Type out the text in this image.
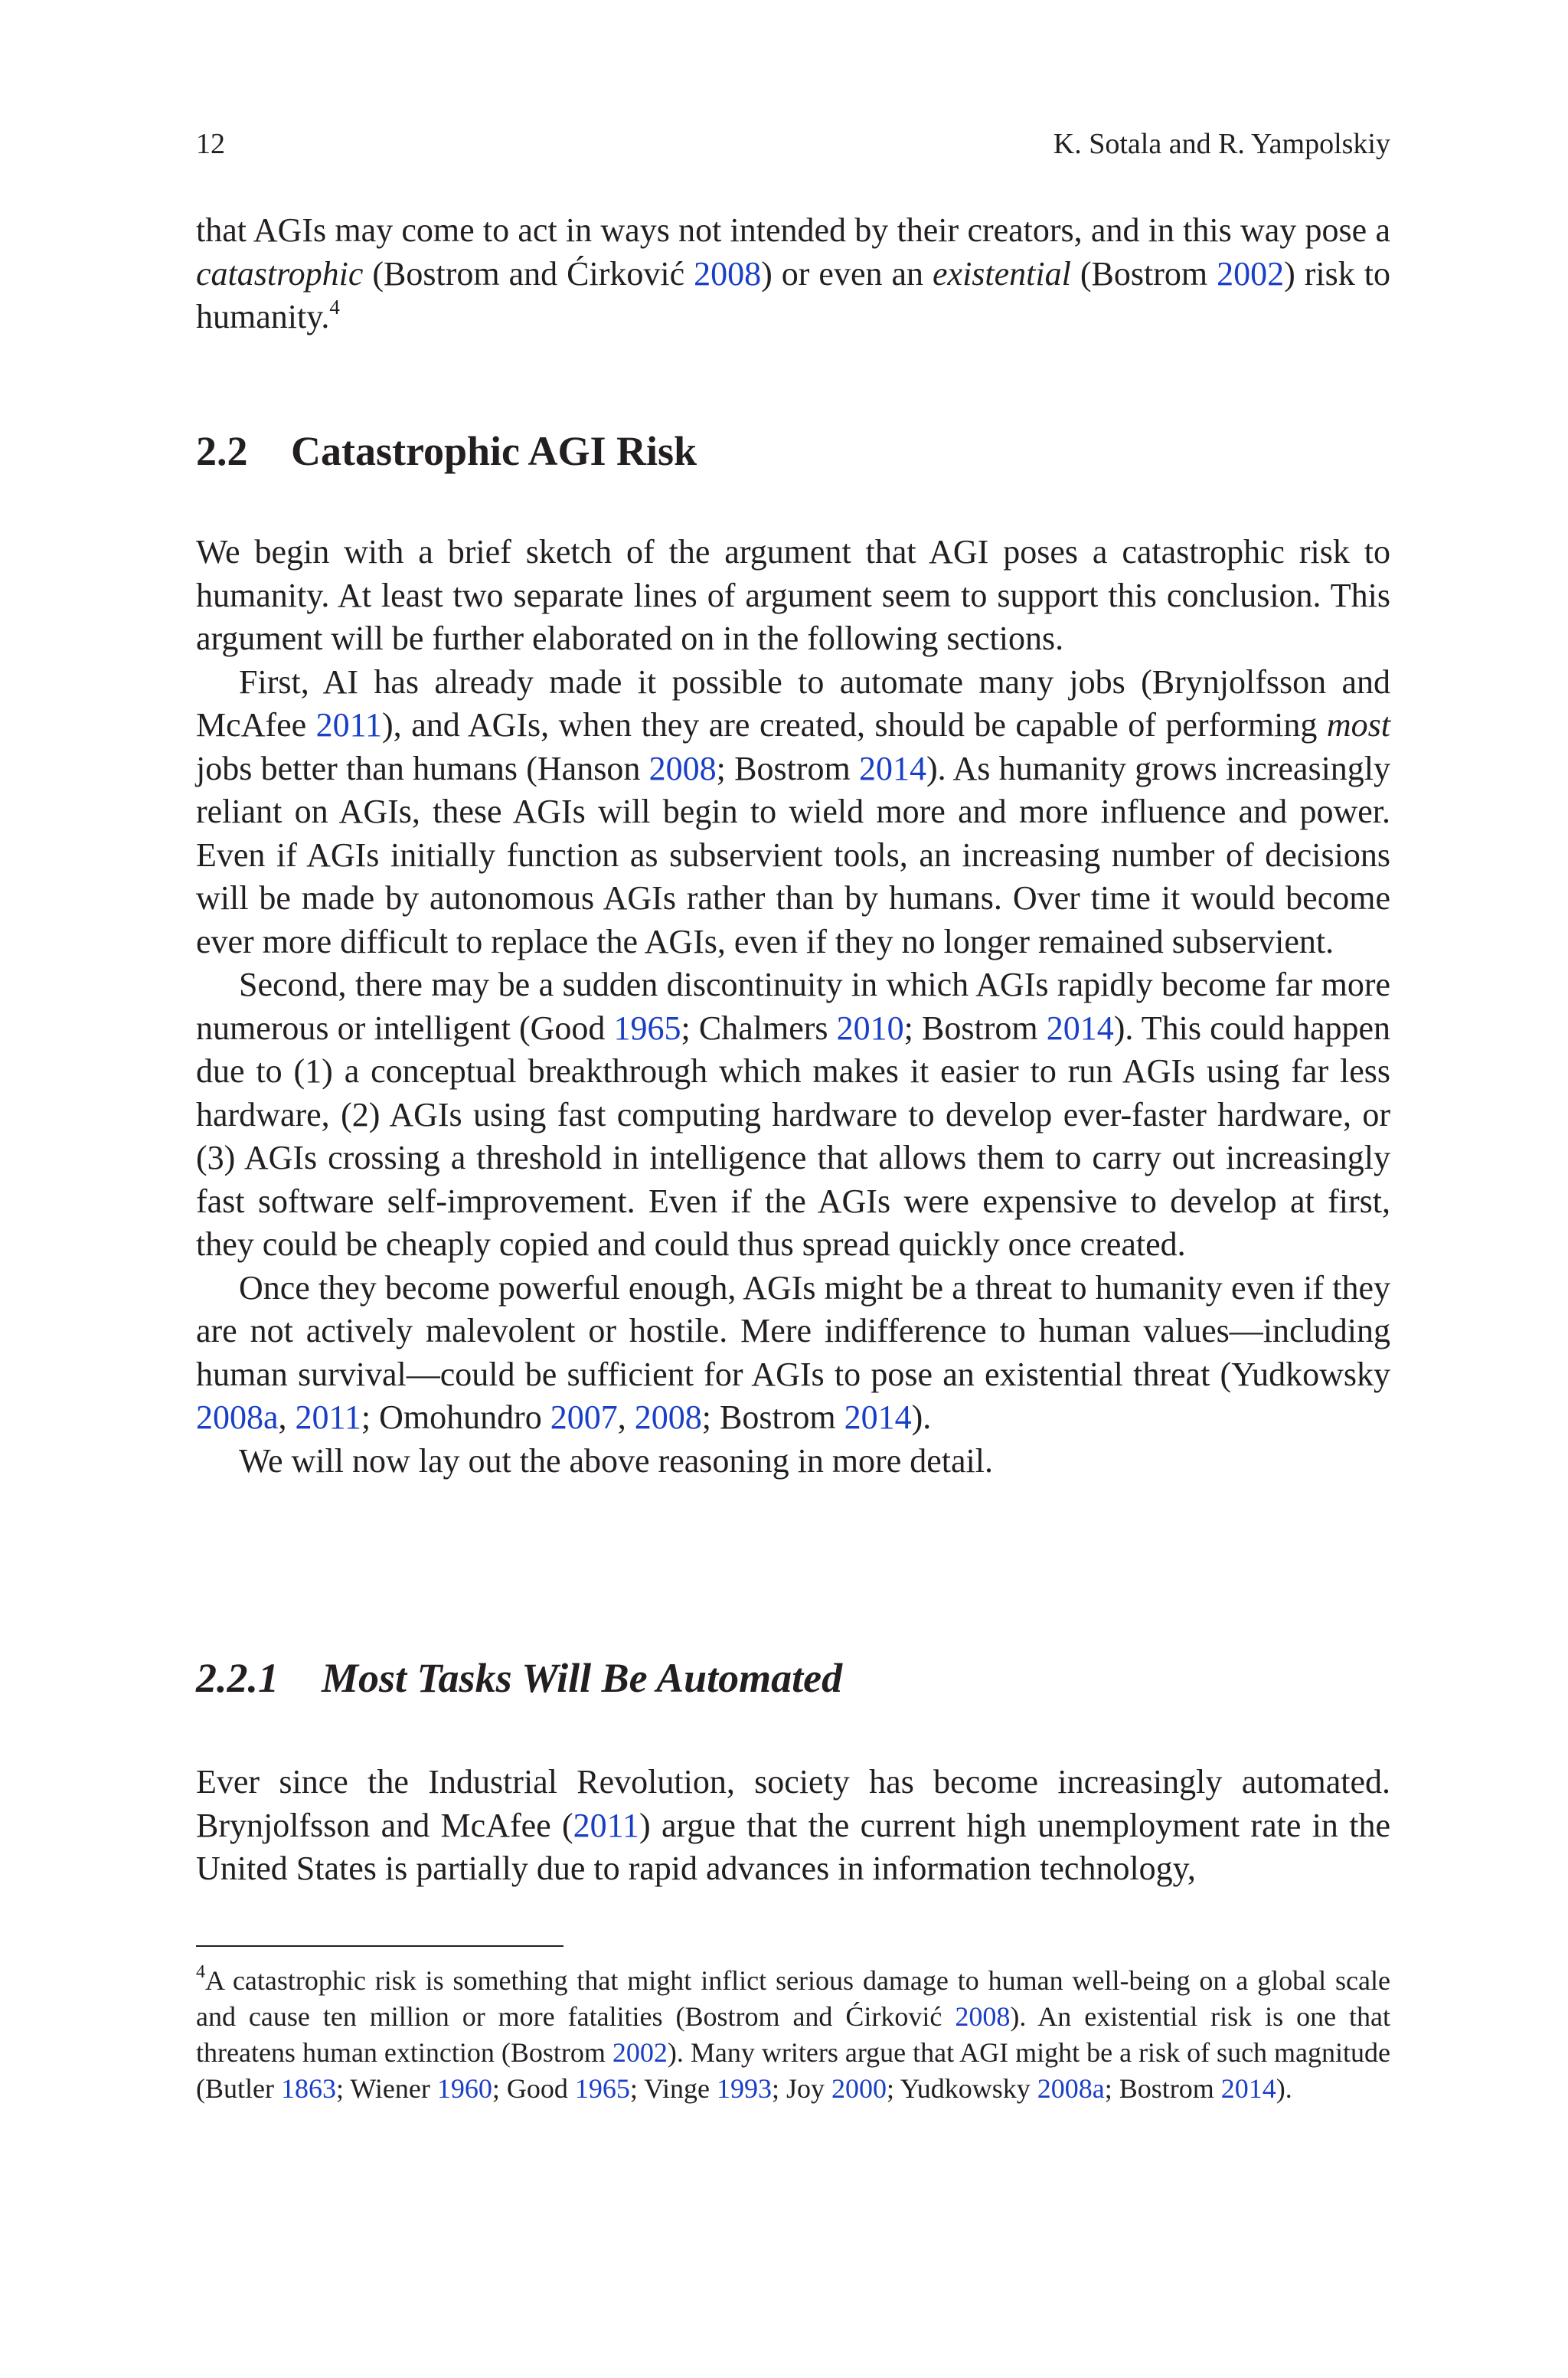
12	K. Sotala and R. Yampolskiy

that AGIs may come to act in ways not intended by their creators, and in this way pose a catastrophic (Bostrom and Ćirković 2008) or even an existential (Bostrom 2002) risk to humanity.$^4$

2.2 Catastrophic AGI Risk

We begin with a brief sketch of the argument that AGI poses a catastrophic risk to humanity. At least two separate lines of argument seem to support this conclusion. This argument will be further elaborated on in the following sections.

First, AI has already made it possible to automate many jobs (Brynjolfsson and McAfee 2011), and AGIs, when they are created, should be capable of performing most jobs better than humans (Hanson 2008; Bostrom 2014). As humanity grows increasingly reliant on AGIs, these AGIs will begin to wield more and more influence and power. Even if AGIs initially function as subservient tools, an increasing number of decisions will be made by autonomous AGIs rather than by humans. Over time it would become ever more difficult to replace the AGIs, even if they no longer remained subservient.

Second, there may be a sudden discontinuity in which AGIs rapidly become far more numerous or intelligent (Good 1965; Chalmers 2010; Bostrom 2014). This could happen due to (1) a conceptual breakthrough which makes it easier to run AGIs using far less hardware, (2) AGIs using fast computing hardware to develop ever-faster hardware, or (3) AGIs crossing a threshold in intelligence that allows them to carry out increasingly fast software self-improvement. Even if the AGIs were expensive to develop at first, they could be cheaply copied and could thus spread quickly once created.

Once they become powerful enough, AGIs might be a threat to humanity even if they are not actively malevolent or hostile. Mere indifference to human values—including human survival—could be sufficient for AGIs to pose an existential threat (Yudkowsky 2008a, 2011; Omohundro 2007, 2008; Bostrom 2014).

We will now lay out the above reasoning in more detail.

2.2.1 Most Tasks Will Be Automated

Ever since the Industrial Revolution, society has become increasingly automated. Brynjolfsson and McAfee (2011) argue that the current high unemployment rate in the United States is partially due to rapid advances in information technology,

$^4$A catastrophic risk is something that might inflict serious damage to human well-being on a global scale and cause ten million or more fatalities (Bostrom and Ćirković 2008). An existential risk is one that threatens human extinction (Bostrom 2002). Many writers argue that AGI might be a risk of such magnitude (Butler 1863; Wiener 1960; Good 1965; Vinge 1993; Joy 2000; Yudkowsky 2008a; Bostrom 2014).
